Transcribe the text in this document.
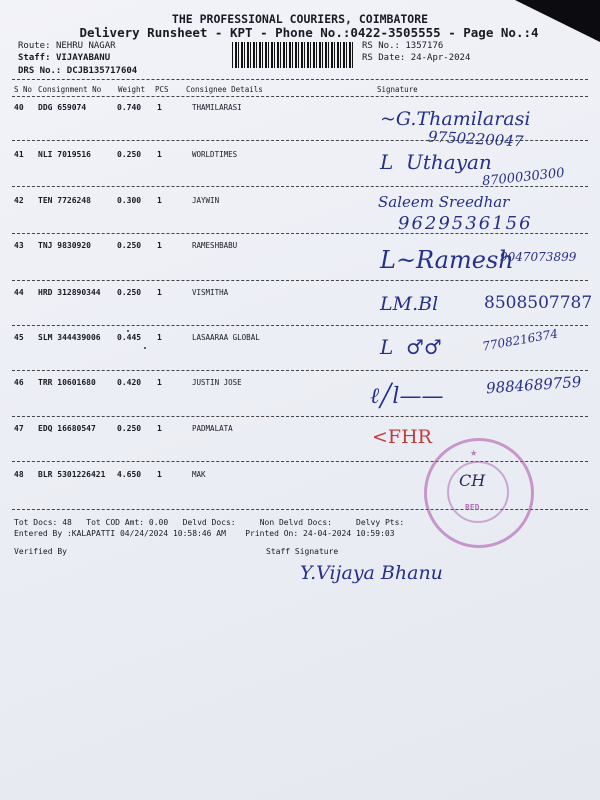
THE PROFESSIONAL COURIERS, COIMBATORE
Delivery Runsheet - KPT - Phone No.:0422-3505555 - Page No.:4
Route: NEHRU NAGAR
Staff: VIJAYABANU
DRS No.: DCJB135717604
RS No.: 1357176
RS Date: 24-Apr-2024
S No Consignment No Weight PCS Consignee Details	Signature
40 DDG 659074	0.740 1	THAMILARASI
~G.Thamilarasi
9750220047
41 NLI 7019516	0.250 1	WORLDTIMES	L  Uthayan
8700030300
42 TEN 7726248	0.300 1	JAYWIN	Saleem Sreedhar
9629536156
43 TNJ 9830920	0.250 1	RAMESHBABU
L~Ramesh
9047073899
44 HRD 312890344 0.250 1	VISMITHA
LM.Bl	8508507787
45 SLM 344439006 0.445 1	LASAARAA GLOBAL	L  ♂♂	7708216374
46 TRR 10601680	0.420 1	JUSTIN JOSE
ℓ╱l——	9884689759
47 EDQ 16680547	0.250 1	PADMALATA	<FHR
48 BLR 5301226421 4.650 1	MAK
★
CH
RED
Tot Docs: 48 Tot COD Amt: 0.00 Delvd Docs:	Non Delvd Docs:	Delvy Pts:
Entered By :KALAPATTI 04/24/2024 10:58:46 AM Printed On: 24-04-2024 10:59:03
Verified By	Staff Signature
Y.Vijaya Bhanu
